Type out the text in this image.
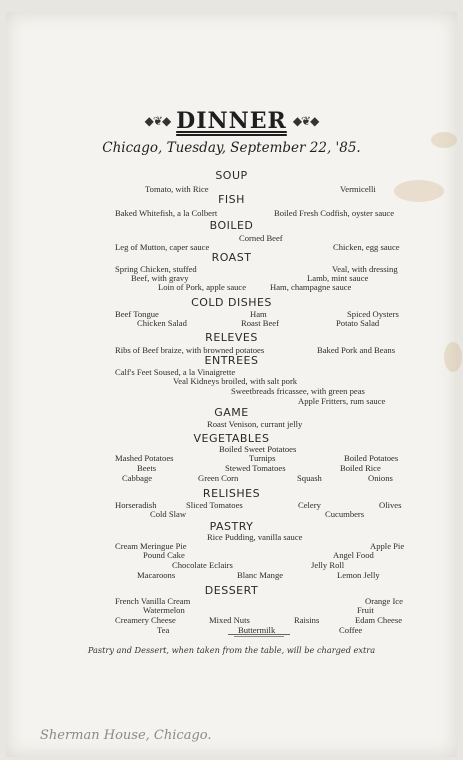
◆❦◆ DINNER ◆❦◆
Chicago, Tuesday, September 22, '85.
SOUP
Tomato, with Rice	Vermicelli
FISH
Baked Whitefish, a la Colbert	Boiled Fresh Codfish, oyster sauce
BOILED
Corned Beef
Leg of Mutton, caper sauce	Chicken, egg sauce
ROAST
Spring Chicken, stuffed	Veal, with dressing
Beef, with gravy	Lamb, mint sauce
Loin of Pork, apple sauce	Ham, champagne sauce
COLD DISHES
Beef Tongue	Ham	Spiced Oysters
Chicken Salad	Roast Beef	Potato Salad
RELEVES
Ribs of Beef braize, with browned potatoes	Baked Pork and Beans
ENTREES
Calf's Feet Soused, a la Vinaigrette
Veal Kidneys broiled, with salt pork
Sweetbreads fricassee, with green peas
Apple Fritters, rum sauce
GAME
Roast Venison, currant jelly
VEGETABLES
Boiled Sweet Potatoes
Mashed Potatoes	Turnips	Boiled Potatoes
Beets	Stewed Tomatoes	Boiled Rice
Cabbage	Green Corn	Squash	Onions
RELISHES
Horseradish	Sliced Tomatoes	Celery	Olives
Cold Slaw	Cucumbers
PASTRY
Rice Pudding, vanilla sauce
Cream Meringue Pie	Apple Pie
Pound Cake	Angel Food
Chocolate Eclairs	Jelly Roll
Macaroons	Blanc Mange	Lemon Jelly
DESSERT
French Vanilla Cream	Orange Ice
Watermelon	Fruit
Creamery Cheese	Mixed Nuts	Raisins	Edam Cheese
Tea	Buttermilk	Coffee
Pastry and Dessert, when taken from the table, will be charged extra
Sherman House, Chicago.
